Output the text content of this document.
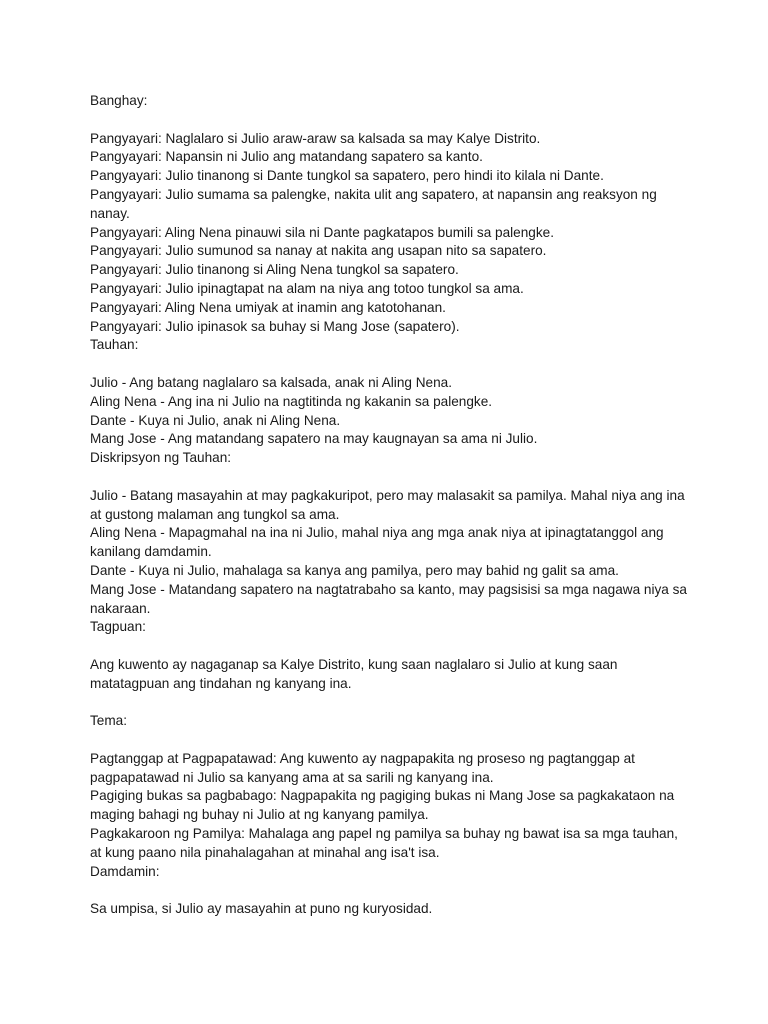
Banghay:

Pangyayari: Naglalaro si Julio araw-araw sa kalsada sa may Kalye Distrito.

Pangyayari: Napansin ni Julio ang matandang sapatero sa kanto.

Pangyayari: Julio tinanong si Dante tungkol sa sapatero, pero hindi ito kilala ni Dante.

Pangyayari: Julio sumama sa palengke, nakita ulit ang sapatero, at napansin ang reaksyon ng nanay.

Pangyayari: Aling Nena pinauwi sila ni Dante pagkatapos bumili sa palengke.

Pangyayari: Julio sumunod sa nanay at nakita ang usapan nito sa sapatero.

Pangyayari: Julio tinanong si Aling Nena tungkol sa sapatero.

Pangyayari: Julio ipinagtapat na alam na niya ang totoo tungkol sa ama.

Pangyayari: Aling Nena umiyak at inamin ang katotohanan.

Pangyayari: Julio ipinasok sa buhay si Mang Jose (sapatero).

Tauhan:

Julio - Ang batang naglalaro sa kalsada, anak ni Aling Nena.

Aling Nena - Ang ina ni Julio na nagtitinda ng kakanin sa palengke.

Dante - Kuya ni Julio, anak ni Aling Nena.

Mang Jose - Ang matandang sapatero na may kaugnayan sa ama ni Julio.

Diskripsyon ng Tauhan:

Julio - Batang masayahin at may pagkakuripot, pero may malasakit sa pamilya. Mahal niya ang ina at gustong malaman ang tungkol sa ama.

Aling Nena - Mapagmahal na ina ni Julio, mahal niya ang mga anak niya at ipinagtatanggol ang kanilang damdamin.

Dante - Kuya ni Julio, mahalaga sa kanya ang pamilya, pero may bahid ng galit sa ama.

Mang Jose - Matandang sapatero na nagtatrabaho sa kanto, may pagsisisi sa mga nagawa niya sa nakaraan.

Tagpuan:

Ang kuwento ay nagaganap sa Kalye Distrito, kung saan naglalaro si Julio at kung saan matatagpuan ang tindahan ng kanyang ina.

Tema:

Pagtanggap at Pagpapatawad: Ang kuwento ay nagpapakita ng proseso ng pagtanggap at pagpapatawad ni Julio sa kanyang ama at sa sarili ng kanyang ina.

Pagiging bukas sa pagbabago: Nagpapakita ng pagiging bukas ni Mang Jose sa pagkakataon na maging bahagi ng buhay ni Julio at ng kanyang pamilya.

Pagkakaroon ng Pamilya: Mahalaga ang papel ng pamilya sa buhay ng bawat isa sa mga tauhan, at kung paano nila pinahalagahan at minahal ang isa't isa.

Damdamin:

Sa umpisa, si Julio ay masayahin at puno ng kuryosidad.
